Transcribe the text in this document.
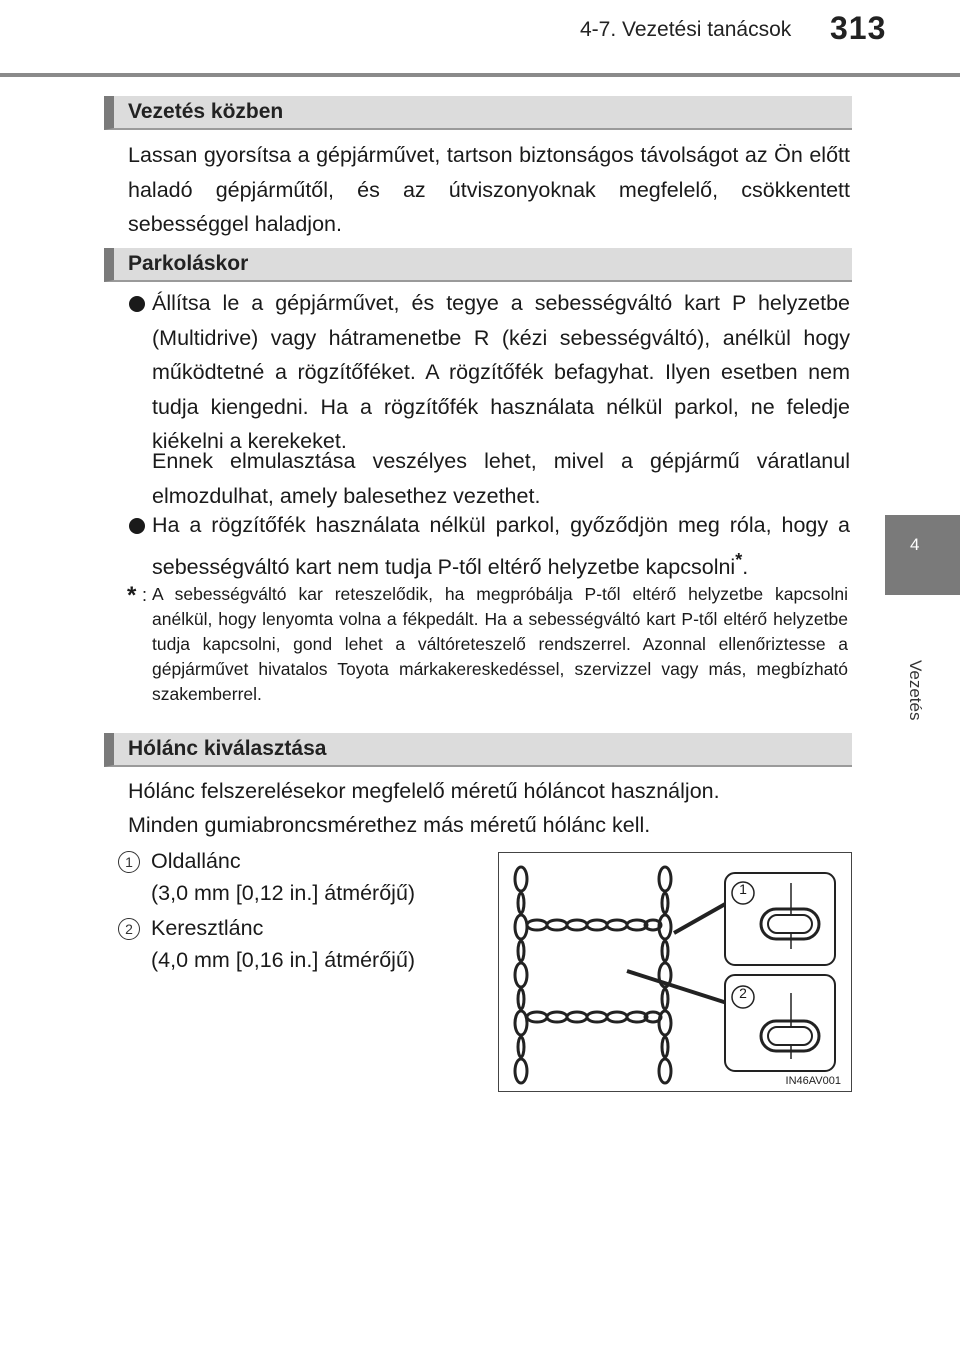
4-7. Vezetési tanácsok 313
4
Vezetés
Vezetés közben

Lassan gyorsítsa a gépjárművet, tartson biztonságos távolságot az Ön előtt haladó gépjárműtől, és az útviszonyoknak megfelelő, csökkentett sebességgel haladjon.

Parkoláskor

Állítsa le a gépjárművet, és tegye a sebességváltó kart P helyzetbe (Multidrive) vagy hátramenetbe R (kézi sebességváltó), anélkül hogy működtetné a rögzítőféket. A rögzítőfék befagyhat. Ilyen esetben nem tudja kiengedni. Ha a rögzítőfék használata nélkül parkol, ne feledje kiékelni a kerekeket.

Ennek elmulasztása veszélyes lehet, mivel a gépjármű váratlanul elmozdulhat, amely balesethez vezethet.

Ha a rögzítőfék használata nélkül parkol, győződjön meg róla, hogy a sebességváltó kart nem tudja P-től eltérő helyzetbe kapcsolni*.

* : A sebességváltó kar reteszelődik, ha megpróbálja P-től eltérő helyzetbe kapcsolni anélkül, hogy lenyomta volna a fékpedált. Ha a sebességváltó kart P-től eltérő helyzetbe tudja kapcsolni, gond lehet a váltóreteszelő rendszerrel. Azonnal ellenőriztesse a gépjárművet hivatalos Toyota márkakereskedéssel, szervizzel vagy más, megbízható szakemberrel.

Hólánc kiválasztása

Hólánc felszerelésekor megfelelő méretű hóláncot használjon.

Minden gumiabroncsmérethez más méretű hólánc kell.

1 Oldallánc

(3,0 mm [0,12 in.] átmérőjű)

2 Keresztlánc

(4,0 mm [0,16 in.] átmérőjű)

1
2
IN46AV001
